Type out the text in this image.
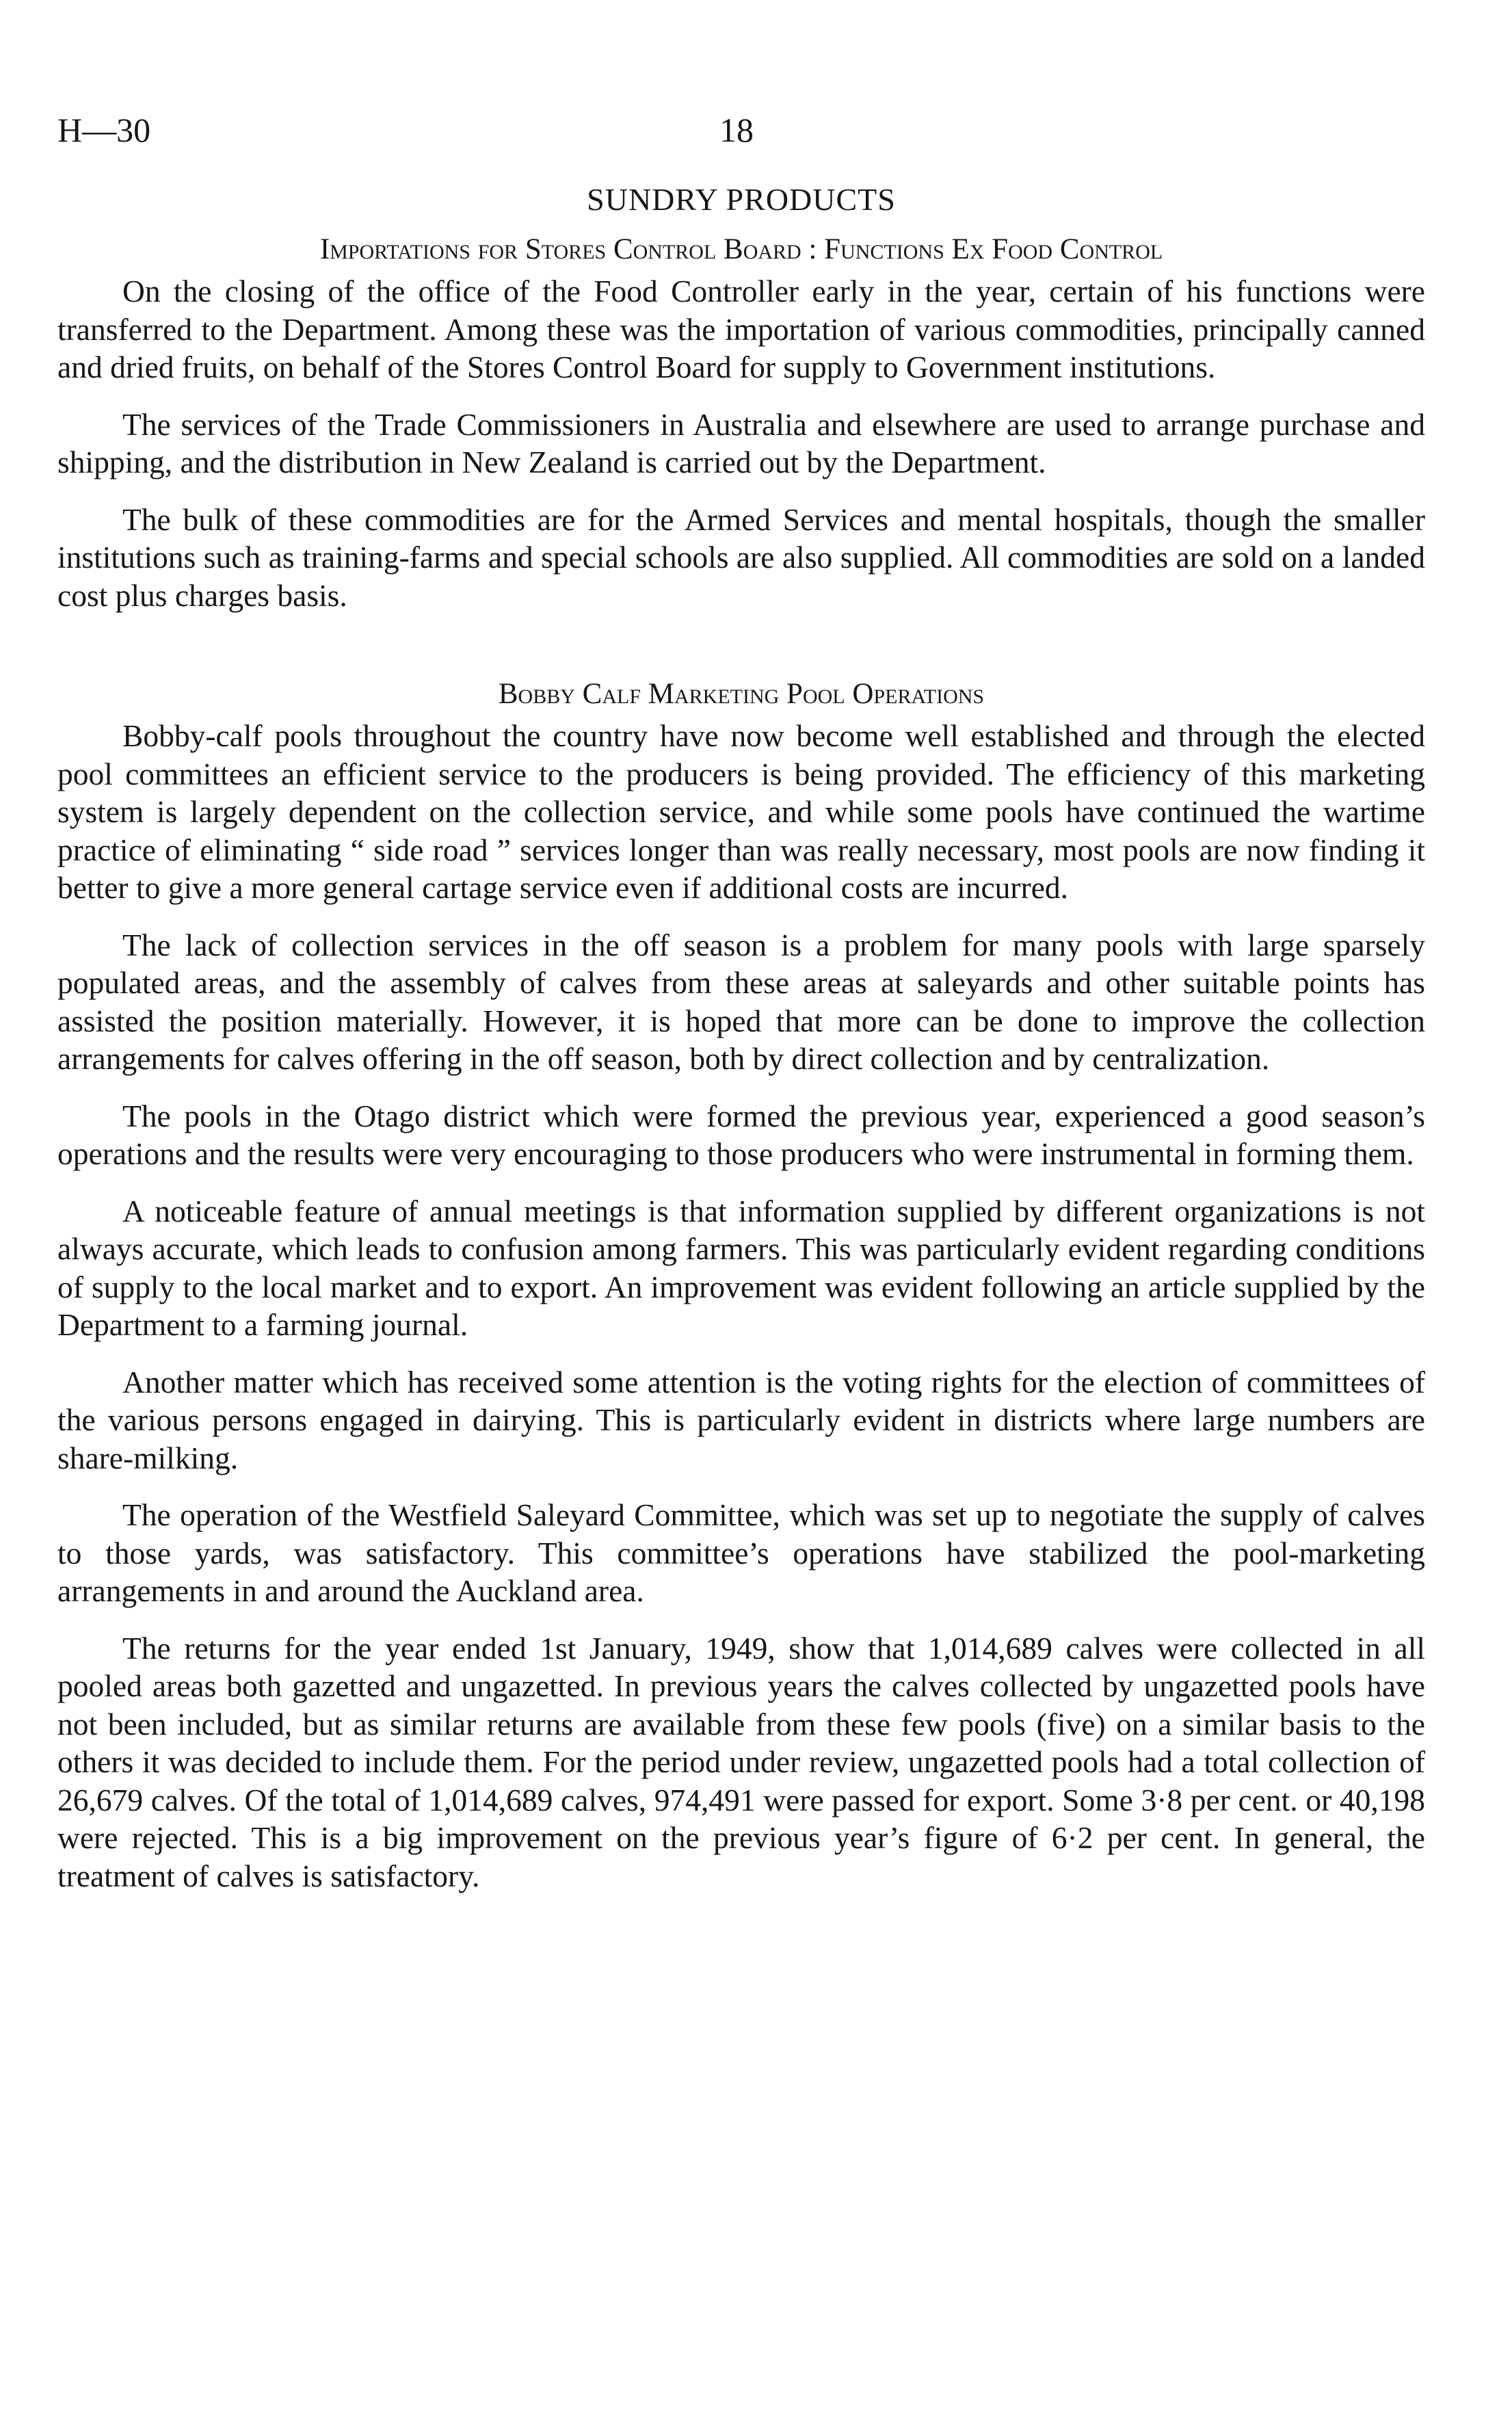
H—30	18
SUNDRY PRODUCTS
Importations for Stores Control Board : Functions Ex Food Control

On the closing of the office of the Food Controller early in the year, certain of his functions were transferred to the Department. Among these was the importation of various commodities, principally canned and dried fruits, on behalf of the Stores Control Board for supply to Government institutions.

The services of the Trade Commissioners in Australia and elsewhere are used to arrange purchase and shipping, and the distribution in New Zealand is carried out by the Department.

The bulk of these commodities are for the Armed Services and mental hospitals, though the smaller institutions such as training-farms and special schools are also supplied. All commodities are sold on a landed cost plus charges basis.

Bobby Calf Marketing Pool Operations

Bobby-calf pools throughout the country have now become well established and through the elected pool committees an efficient service to the producers is being provided. The efficiency of this marketing system is largely dependent on the collection service, and while some pools have continued the wartime practice of eliminating “ side road ” services longer than was really necessary, most pools are now finding it better to give a more general cartage service even if additional costs are incurred.

The lack of collection services in the off season is a problem for many pools with large sparsely populated areas, and the assembly of calves from these areas at saleyards and other suitable points has assisted the position materially. However, it is hoped that more can be done to improve the collection arrangements for calves offering in the off season, both by direct collection and by centralization.

The pools in the Otago district which were formed the previous year, experienced a good season’s operations and the results were very encouraging to those producers who were instrumental in forming them.

A noticeable feature of annual meetings is that information supplied by different organizations is not always accurate, which leads to confusion among farmers. This was particularly evident regarding conditions of supply to the local market and to export. An improvement was evident following an article supplied by the Department to a farming journal.

Another matter which has received some attention is the voting rights for the election of committees of the various persons engaged in dairying. This is particularly evident in districts where large numbers are share-milking.

The operation of the Westfield Saleyard Committee, which was set up to negotiate the supply of calves to those yards, was satisfactory. This committee’s operations have stabilized the pool-marketing arrangements in and around the Auckland area.

The returns for the year ended 1st January, 1949, show that 1,014,689 calves were collected in all pooled areas both gazetted and ungazetted. In previous years the calves collected by ungazetted pools have not been included, but as similar returns are available from these few pools (five) on a similar basis to the others it was decided to include them. For the period under review, ungazetted pools had a total collection of 26,679 calves. Of the total of 1,014,689 calves, 974,491 were passed for export. Some 3·8 per cent. or 40,198 were rejected. This is a big improvement on the previous year’s figure of 6·2 per cent. In general, the treatment of calves is satisfactory.
